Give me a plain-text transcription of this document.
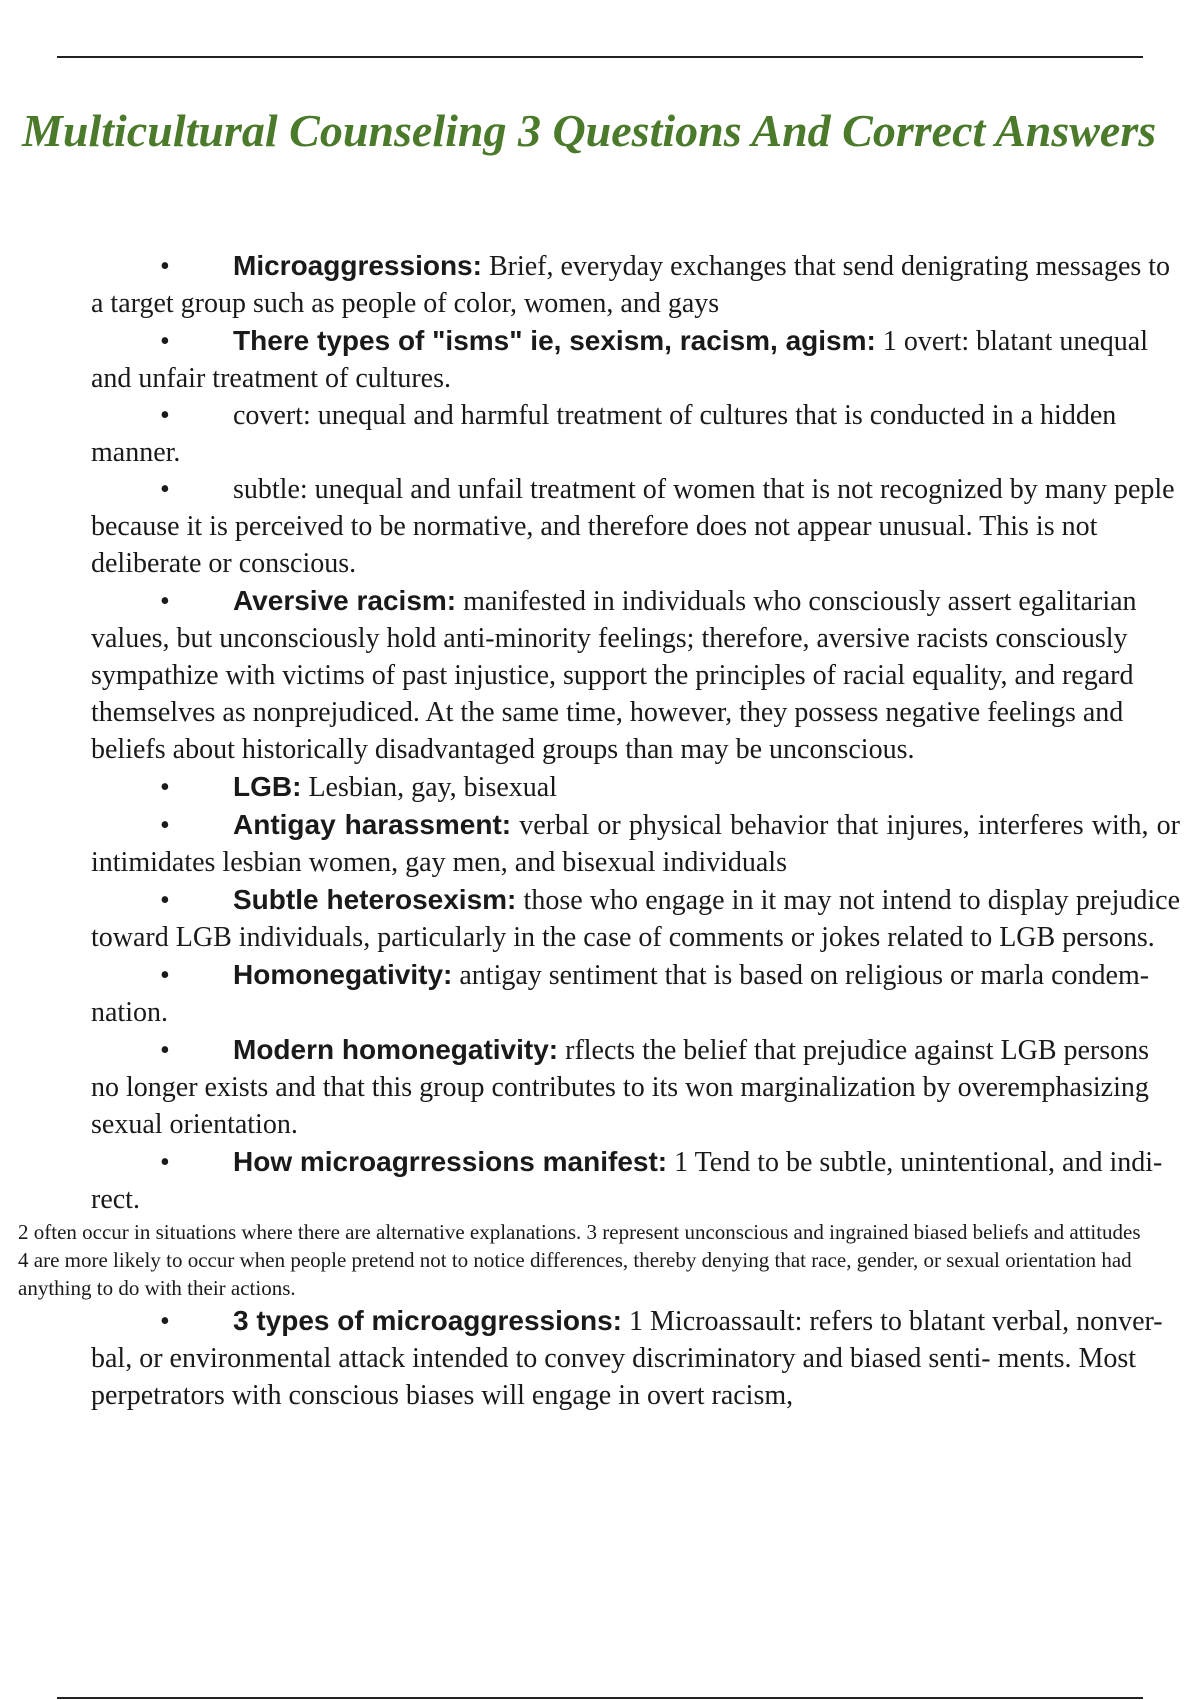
Multicultural Counseling 3 Questions And Correct Answers

• Microaggressions: Brief, everyday exchanges that send denigrating messages to a target group such as people of color, women, and gays

• There types of "isms" ie, sexism, racism, agism: 1 overt: blatant unequal and unfair treatment of cultures.

• covert: unequal and harmful treatment of cultures that is conducted in a hidden manner.

• subtle: unequal and unfail treatment of women that is not recognized by many peple because it is perceived to be normative, and therefore does not appear unusual. This is not deliberate or conscious.

• Aversive racism: manifested in individuals who consciously assert egalitarian values, but unconsciously hold anti-minority feelings; therefore, aversive racists consciously sympathize with victims of past injustice, support the principles of racial equality, and regard themselves as nonprejudiced. At the same time, however, they possess negative feelings and beliefs about historically disadvantaged groups than may be unconscious.

• LGB: Lesbian, gay, bisexual

• Antigay harassment: verbal or physical behavior that injures, interferes with, or intimidates lesbian women, gay men, and bisexual individuals

• Subtle heterosexism: those who engage in it may not intend to display prejudice toward LGB individuals, particularly in the case of comments or jokes related to LGB persons.

• Homonegativity: antigay sentiment that is based on religious or marla condem- nation.

• Modern homonegativity: rflects the belief that prejudice against LGB persons no longer exists and that this group contributes to its won marginalization by overemphasizing sexual orientation.

• How microagrressions manifest: 1 Tend to be subtle, unintentional, and indi- rect.

2 often occur in situations where there are alternative explanations. 3 represent unconscious and ingrained biased beliefs and attitudes

4 are more likely to occur when people pretend not to notice differences, thereby denying that race, gender, or sexual orientation had anything to do with their actions.

• 3 types of microaggressions: 1 Microassault: refers to blatant verbal, nonver- bal, or environmental attack intended to convey discriminatory and biased senti- ments. Most perpetrators with conscious biases will engage in overt racism,
